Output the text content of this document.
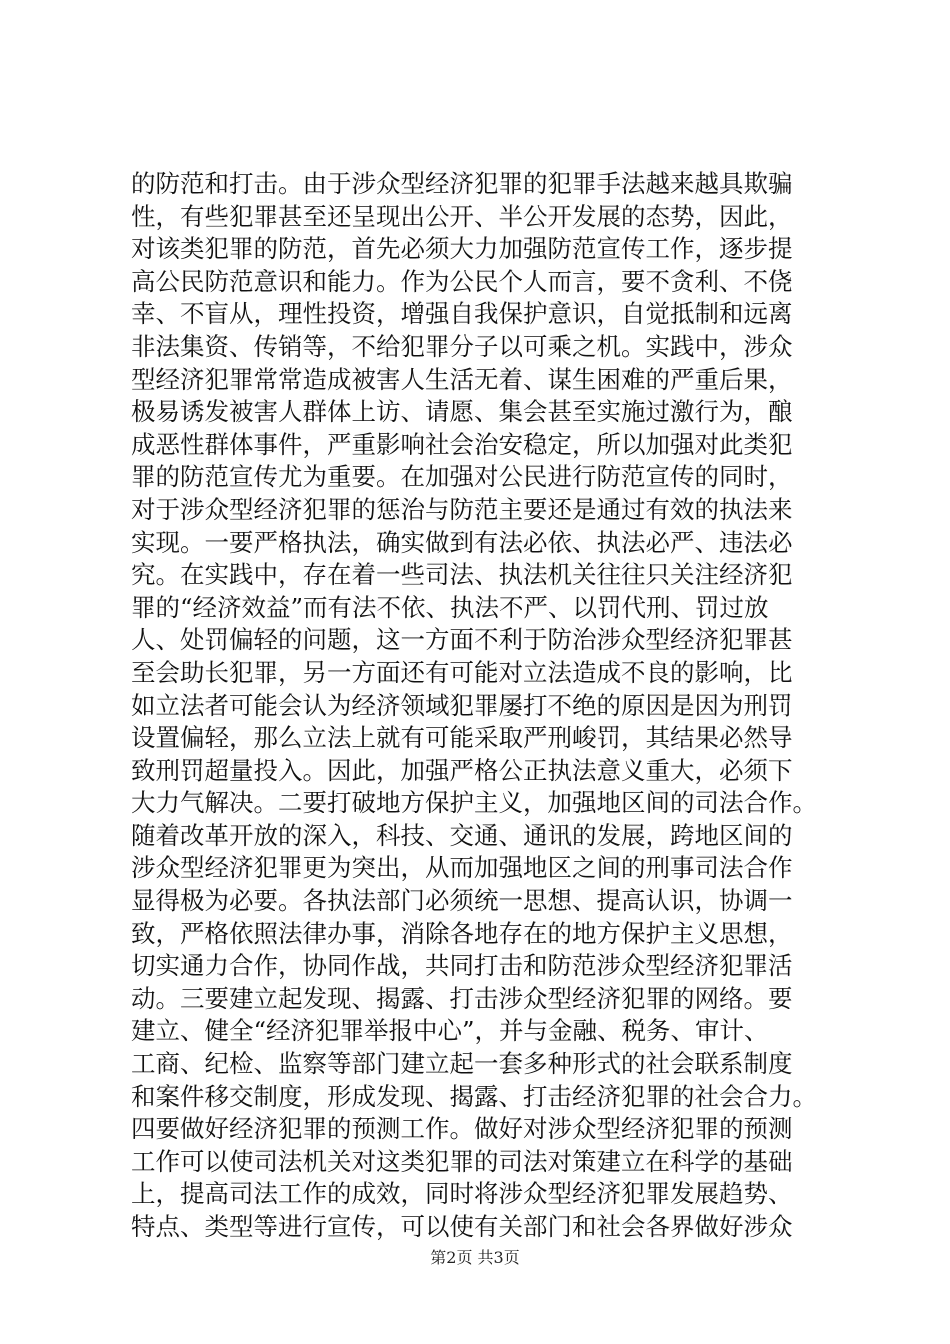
的防范和打击。由于涉众型经济犯罪的犯罪手法越来越具欺骗
性，有些犯罪甚至还呈现出公开、半公开发展的态势，因此，
对该类犯罪的防范，首先必须大力加强防范宣传工作，逐步提
高公民防范意识和能力。作为公民个人而言，要不贪利、不侥
幸、不盲从，理性投资，增强自我保护意识，自觉抵制和远离
非法集资、传销等，不给犯罪分子以可乘之机。实践中，涉众
型经济犯罪常常造成被害人生活无着、谋生困难的严重后果，
极易诱发被害人群体上访、请愿、集会甚至实施过激行为，酿
成恶性群体事件，严重影响社会治安稳定，所以加强对此类犯
罪的防范宣传尤为重要。在加强对公民进行防范宣传的同时，
对于涉众型经济犯罪的惩治与防范主要还是通过有效的执法来
实现。一要严格执法，确实做到有法必依、执法必严、违法必
究。在实践中，存在着一些司法、执法机关往往只关注经济犯
罪的“经济效益”而有法不依、执法不严、以罚代刑、罚过放
人、处罚偏轻的问题，这一方面不利于防治涉众型经济犯罪甚
至会助长犯罪，另一方面还有可能对立法造成不良的影响，比
如立法者可能会认为经济领域犯罪屡打不绝的原因是因为刑罚
设置偏轻，那么立法上就有可能采取严刑峻罚，其结果必然导
致刑罚超量投入。因此，加强严格公正执法意义重大，必须下
大力气解决。二要打破地方保护主义，加强地区间的司法合作。
随着改革开放的深入，科技、交通、通讯的发展，跨地区间的
涉众型经济犯罪更为突出，从而加强地区之间的刑事司法合作
显得极为必要。各执法部门必须统一思想、提高认识，协调一
致，严格依照法律办事，消除各地存在的地方保护主义思想，
切实通力合作，协同作战，共同打击和防范涉众型经济犯罪活
动。三要建立起发现、揭露、打击涉众型经济犯罪的网络。要
建立、健全“经济犯罪举报中心”，并与金融、税务、审计、
工商、纪检、监察等部门建立起一套多种形式的社会联系制度
和案件移交制度，形成发现、揭露、打击经济犯罪的社会合力。
四要做好经济犯罪的预测工作。做好对涉众型经济犯罪的预测
工作可以使司法机关对这类犯罪的司法对策建立在科学的基础
上，提高司法工作的成效，同时将涉众型经济犯罪发展趋势、
特点、类型等进行宣传，可以使有关部门和社会各界做好涉众
第2页 共3页
